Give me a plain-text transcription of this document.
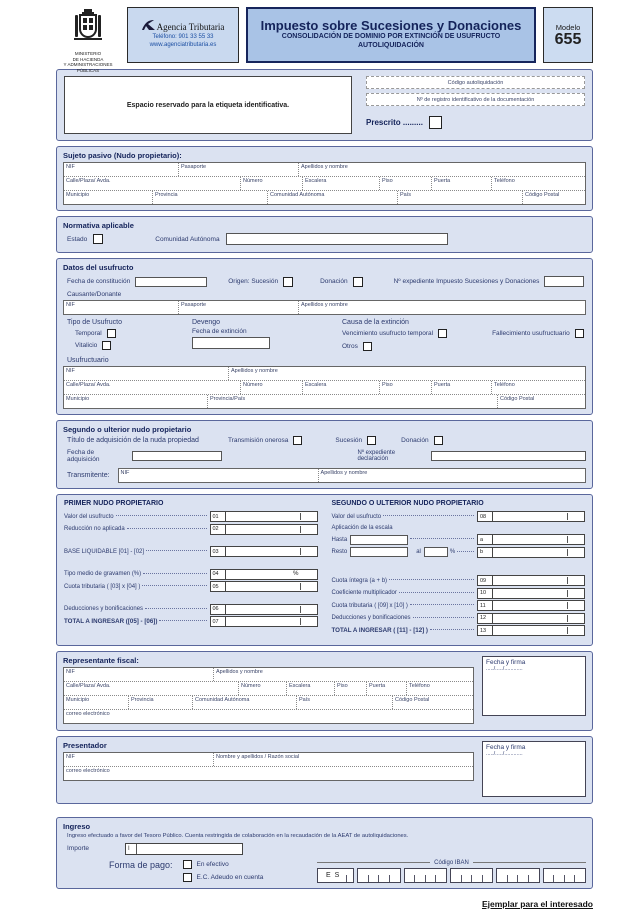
MINISTERIO
DE HACIENDA
Y ADMINISTRACIONES PÚBLICAS
Agencia Tributaria
Teléfono: 901 33 55 33
www.agenciatributaria.es
Impuesto sobre Sucesiones y Donaciones
CONSOLIDACIÓN DE DOMINIO POR EXTINCIÓN DE USUFRUCTO
AUTOLIQUIDACIÓN
Modelo
655
Espacio reservado para la etiqueta identificativa.
Código autoliquidación
Nº de registro identificativo de la documentación
Prescrito .........
Sujeto pasivo (Nudo propietario):
NIF	Pasaporte	Apellidos y nombre
Calle/Plaza/ Avda.	Número	Escalera	Piso	Puerta	Teléfono
Municipio	Provincia	Comunidad Autónoma	País	Código Postal
Normativa aplicable
Estado	Comunidad Autónoma
Datos del usufructo
Fecha de constitución	Origen: Sucesión	Donación	Nº expediente Impuesto Sucesiones y Donaciones
Causante/Donante
NIF	Pasaporte	Apellidos y nombre
Tipo de Usufructo
Temporal
Vitalicio
Devengo
Fecha de extinción
Causa de la extinción
Vencimiento usufructo temporal	Fallecimiento usufructuario
Otros
Usufructuario
NIF	Apellidos y nombre
Calle/Plaza/ Avda.	Número	Escalera	Piso	Puerta	Teléfono
Municipio	Provincia/País	Código Postal
Segundo o ulterior nudo propietario
Título de adquisición de la nuda propiedad	Transmisión onerosa	Sucesión	Donación
Fecha de adquisición
Nº expediente declaración
Transmitente: NIF	Apellidos y nombre
PRIMER NUDO PROPIETARIO
Valor del usufructo	01
Reducción no aplicada	02
BASE LIQUIDABLE [01] - [02]	03
Tipo medio de gravamen (%)	04	%
Cuota tributaria ( [03] x [04] )	05
Deducciones y bonificaciones	06
TOTAL A INGRESAR ([05] - [06])	07
SEGUNDO O ULTERIOR NUDO PROPIETARIO
Valor del usufructo	08
Aplicación de la escala
Hasta	a
Resto	al	%	b
Cuota íntegra (a + b)	09
Coeficiente multiplicador	10
Cuota tributaria ( [09] x [10] )	11
Deducciones y bonificaciones	12
TOTAL A INGRESAR ( [11] - [12] )	13
Representante fiscal:
NIF	Apellidos y nombre
Calle/Plaza/ Avda.	Número	Escalera	Piso	Puerta	Teléfono
Municipio	Provincia	Comunidad Autónoma	País	Código Postal
correo electrónico
Fecha y firma
...../...../............
Presentador
NIF	Nombre y apellidos / Razón social
correo electrónico
Fecha y firma
...../...../............
Ingreso
Ingreso efectuado a favor del Tesoro Público. Cuenta restringida de colaboración en la recaudación de la AEAT de autoliquidaciones.
Importe	I
Forma de pago:	En efectivo
E.C. Adeudo en cuenta
Código IBAN
E S
Ejemplar para el interesado
